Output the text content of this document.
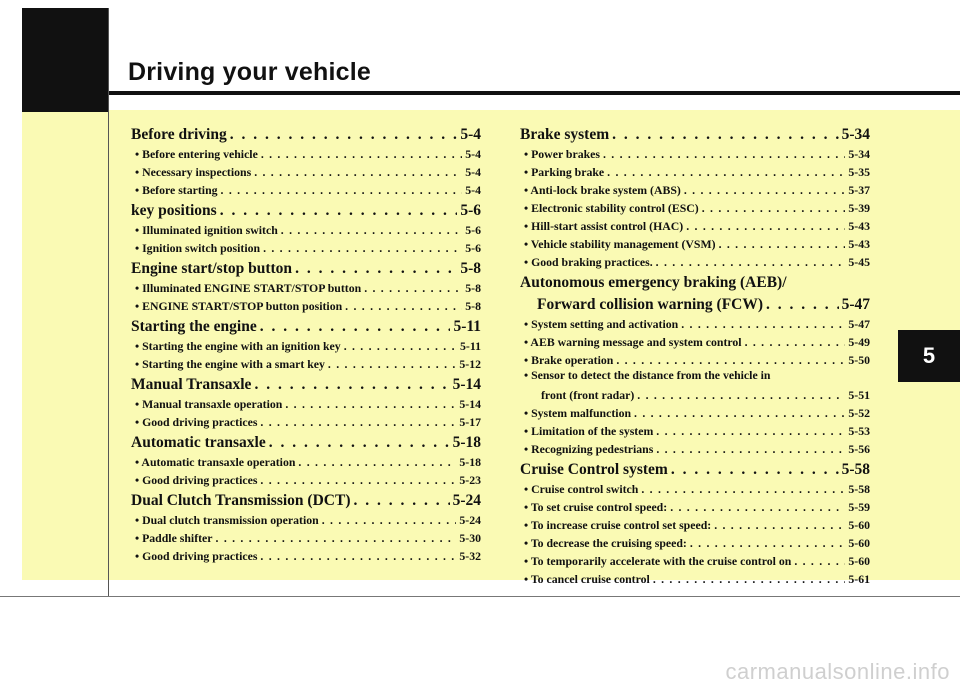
Driving your vehicle
5
Before driving . . .	5-4
• Before entering vehicle . . .	5-4
• Necessary inspections . . .	5-4
• Before starting . . .	5-4
key positions . . .	5-6
• Illuminated ignition switch . . .	5-6
• Ignition switch position . . .	5-6
Engine start/stop button . . .	5-8
• Illuminated ENGINE START/STOP button . . .	5-8
• ENGINE START/STOP button position . . .	5-8
Starting the engine . . .	5-11
• Starting the engine with an ignition key . . .	5-11
• Starting the engine with a smart key . . .	5-12
Manual Transaxle . . .	5-14
• Manual transaxle operation . . .	5-14
• Good driving practices . . .	5-17
Automatic transaxle . . .	5-18
• Automatic transaxle operation . . .	5-18
• Good driving practices . . .	5-23
Dual Clutch Transmission (DCT) . . .	5-24
• Dual clutch transmission operation . . .	5-24
• Paddle shifter . . .	5-30
• Good driving practices . . .	5-32
Brake system . . .	5-34
• Power brakes . . .	5-34
• Parking brake . . .	5-35
• Anti-lock brake system (ABS) . . .	5-37
• Electronic stability control (ESC) . . .	5-39
• Hill-start assist control (HAC) . . .	5-43
• Vehicle stability management (VSM) . . .	5-43
• Good braking practices. . . .	5-45
Autonomous emergency braking (AEB)/
Forward collision warning (FCW) . . .	5-47
• System setting and activation . . .	5-47
• AEB warning message and system control . . .	5-49
• Brake operation . . .	5-50
• Sensor to detect the distance from the vehicle in
front (front radar) . . .	5-51
• System malfunction . . .	5-52
• Limitation of the system . . .	5-53
• Recognizing pedestrians . . .	5-56
Cruise Control system . . .	5-58
• Cruise control switch . . .	5-58
• To set cruise control speed: . . .	5-59
• To increase cruise control set speed: . . .	5-60
• To decrease the cruising speed: . . .	5-60
• To temporarily accelerate with the cruise control on . . .	5-60
• To cancel cruise control . . .	5-61
carmanualsonline.info
